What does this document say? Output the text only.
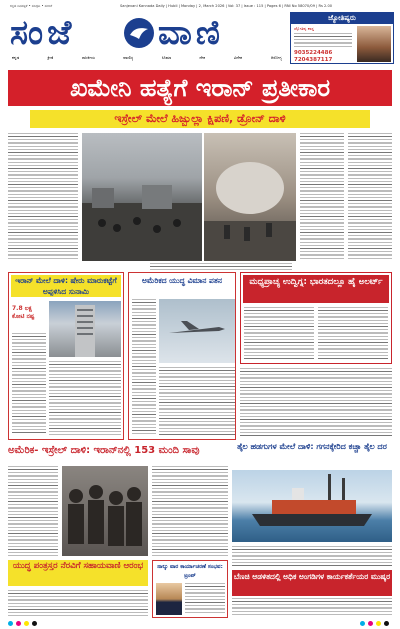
ಕನ್ನಡ ದಿನಪತ್ರಿಕೆ • ಸಂಪುಟ • ಸಂಚಿಕೆ	Sanjevani Kannada Daily | Hubli | Monday | 2, March 2026 | Vol: 37 | Issue : 115 | Pages 6 | RNI No 58070/09 | Rs 2.00
ಸಂಜೆ	ವಾಣಿ
ಕನ್ನಡ	ಕ್ರೀಡೆ	ರಾಜಕೀಯ	ವಾಣಿಜ್ಯ	ಸಿನಿಮಾ	ದೇಶ	ವಿದೇಶ	ಆರೋಗ್ಯ
ಜ್ಯೋತಿಷ್ಯರು
ಜ್ಯೋತಿಷ್ಯ ಶಾಸ್ತ್ರ
9035224486
7204387117
ಖಮೇನಿ ಹತ್ಯೆಗೆ ಇರಾನ್ ಪ್ರತೀಕಾರ
ಇಸ್ರೇಲ್ ಮೇಲೆ ಹಿಜ್ಬುಲ್ಲಾ ಕ್ಷಿಪಣಿ, ಡ್ರೋನ್ ದಾಳಿ
ಇರಾನ್ ಮೇಲೆ ದಾಳಿ: ಷೇರು ಮಾರುಕಟ್ಟೆಗೆ ಅಪ್ಪಳಿಸಿದ ಸುನಾಮಿ
7.8 ಲಕ್ಷ ಕೋಟಿ ನಷ್ಟ
ಅಮೆರಿಕದ ಯುದ್ಧ ವಿಮಾನ ಪತನ	ಮಧ್ಯಪ್ರಾಚ್ಯ ಉದ್ವಿಗ್ನ: ಭಾರತದಲ್ಲೂ ಹೈ ಅಲರ್ಟ್
ಅಮೆರಿಕ- ಇಸ್ರೇಲ್ ದಾಳಿ: ಇರಾನ್‌ನಲ್ಲಿ 153 ಮಂದಿ ಸಾವು	ತೈಲ ಹಡಗುಗಳ ಮೇಲೆ ದಾಳಿ: ಗಗನಕ್ಕೇರಿದ ಕಚ್ಚಾ ತೈಲ ದರ
ಯುದ್ಧ ಪಂತ್ರಸ್ತರ ನೆರವಿಗೆ ಸಹಾಯವಾಣಿ ಆರಂಭ	ನಾಲ್ಕು ವಾರ ಕಾರ್ಯಾಚರಣೆ ಸಂಭವ: ಟ್ರಂಪ್	ಬೆಣಚಿ ಆಡಳಿತದಲ್ಲಿ ಅಧಿಕ ಅಂಗಡಿಗಳ ಕಾರ್ಯಕರ್ತೆಯರ ಮುಷ್ಕರ
